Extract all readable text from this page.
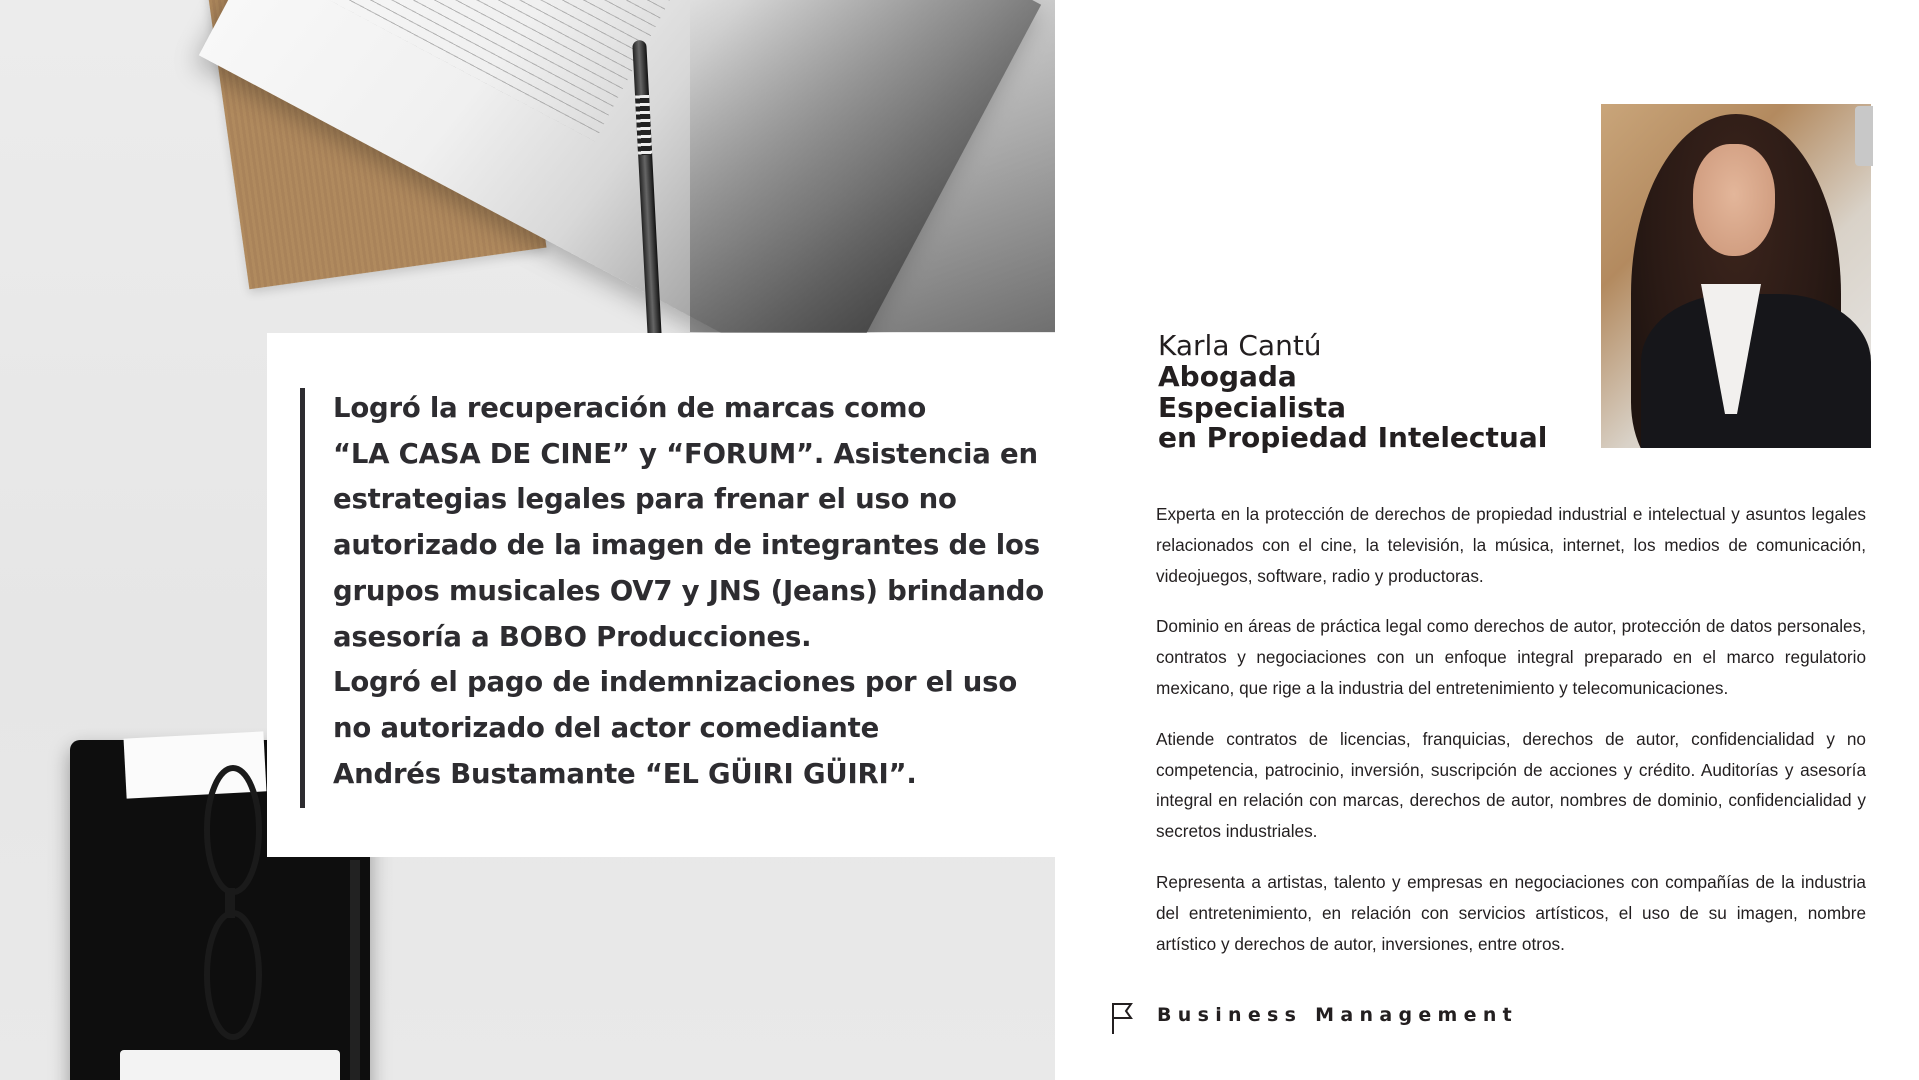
Logró la recuperación de marcas como
“LA CASA DE CINE” y “FORUM”. Asistencia en
estrategias legales para frenar el uso no
autorizado de la imagen de integrantes de los
grupos musicales OV7 y JNS (Jeans) brindando
asesoría a BOBO Producciones.
Logró el pago de indemnizaciones por el uso
no autorizado del actor comediante
Andrés Bustamante “EL GÜIRI GÜIRI”.
Karla Cantú
Abogada
Especialista
en Propiedad Intelectual

Experta en la protección de derechos de propiedad industrial e intelectual y asuntos legales relacionados con el cine, la televisión, la música, internet, los medios de comunicación, videojuegos, software, radio y productoras.

Dominio en áreas de práctica legal como derechos de autor, protección de datos personales, contratos y negociaciones con un enfoque integral preparado en el marco regulatorio mexicano, que rige a la industria del entretenimiento y telecomunicaciones.

Atiende contratos de licencias, franquicias, derechos de autor, confidencialidad y no competencia, patrocinio, inversión, suscripción de acciones y crédito. Auditorías y asesoría integral en relación con marcas, derechos de autor, nombres de dominio, confidencialidad y secretos industriales.

Representa a artistas, talento y empresas en negociaciones con compañías de la industria del entretenimiento, en relación con servicios artísticos, el uso de su imagen, nombre artístico y derechos de autor, inversiones, entre otros.

Business Management
